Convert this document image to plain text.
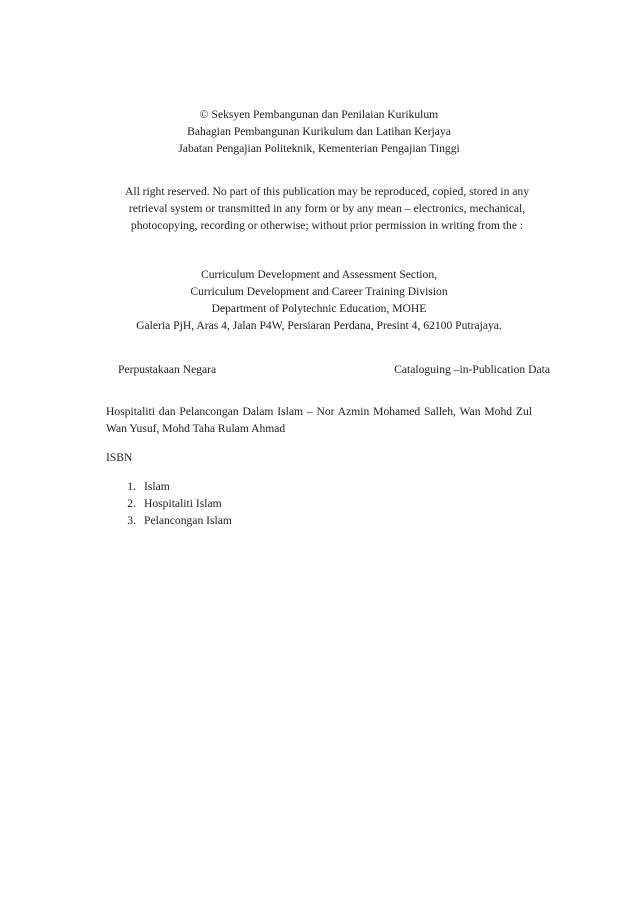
© Seksyen Pembangunan dan Penilaian Kurikulum
Bahagian Pembangunan Kurikulum dan Latihan Kerjaya
Jabatan Pengajian Politeknik, Kementerian Pengajian Tinggi
All right reserved. No part of this publication may be reproduced, copied, stored in any
retrieval system or transmitted in any form or by any mean – electronics, mechanical,
photocopying, recording or otherwise; without prior permission in writing from the :
Curriculum Development and Assessment Section,
Curriculum Development and Career Training Division
Department of Polytechnic Education, MOHE
Galeria PjH, Aras 4, Jalan P4W, Persiaran Perdana, Presint 4, 62100 Putrajaya.
Perpustakaan Negara	Cataloguing –in-Publication Data
Hospitaliti dan Pelancongan Dalam Islam – Nor Azmin Mohamed Salleh, Wan Mohd Zul
Wan Yusuf, Mohd Taha Rulam Ahmad
ISBN
1. Islam
2. Hospitaliti Islam
3. Pelancongan Islam
